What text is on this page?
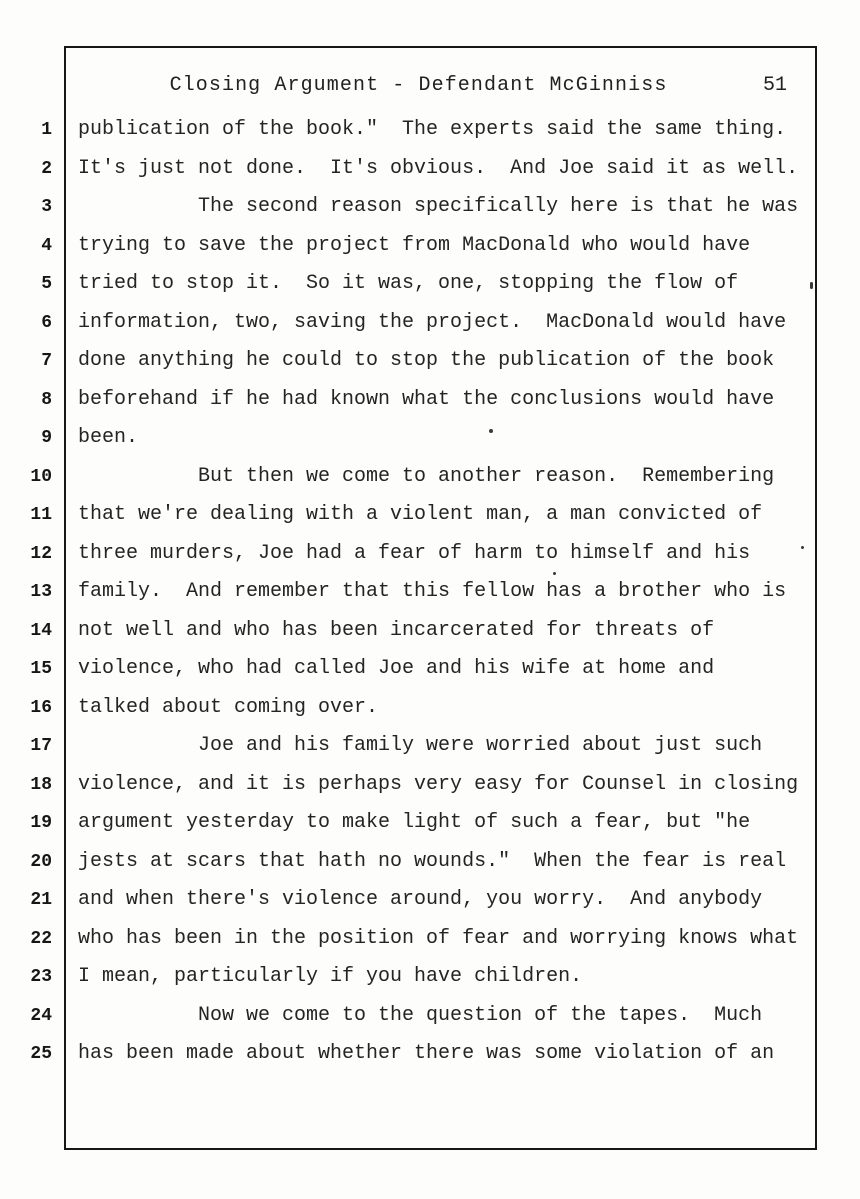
Closing Argument - Defendant McGinniss	51
1
2
3
4
5
6
7
8
9
10
11
12
13
14
15
16
17
18
19
20
21
22
23
24
25
publication of the book."  The experts said the same thing.
It's just not done.  It's obvious.  And Joe said it as well.
The second reason specifically here is that he was
trying to save the project from MacDonald who would have
tried to stop it.  So it was, one, stopping the flow of
information, two, saving the project.  MacDonald would have
done anything he could to stop the publication of the book
beforehand if he had known what the conclusions would have
been.
But then we come to another reason.  Remembering
that we're dealing with a violent man, a man convicted of
three murders, Joe had a fear of harm to himself and his
family.  And remember that this fellow has a brother who is
not well and who has been incarcerated for threats of
violence, who had called Joe and his wife at home and
talked about coming over.
Joe and his family were worried about just such
violence, and it is perhaps very easy for Counsel in closing
argument yesterday to make light of such a fear, but "he
jests at scars that hath no wounds."  When the fear is real
and when there's violence around, you worry.  And anybody
who has been in the position of fear and worrying knows what
I mean, particularly if you have children.
Now we come to the question of the tapes.  Much
has been made about whether there was some violation of an
